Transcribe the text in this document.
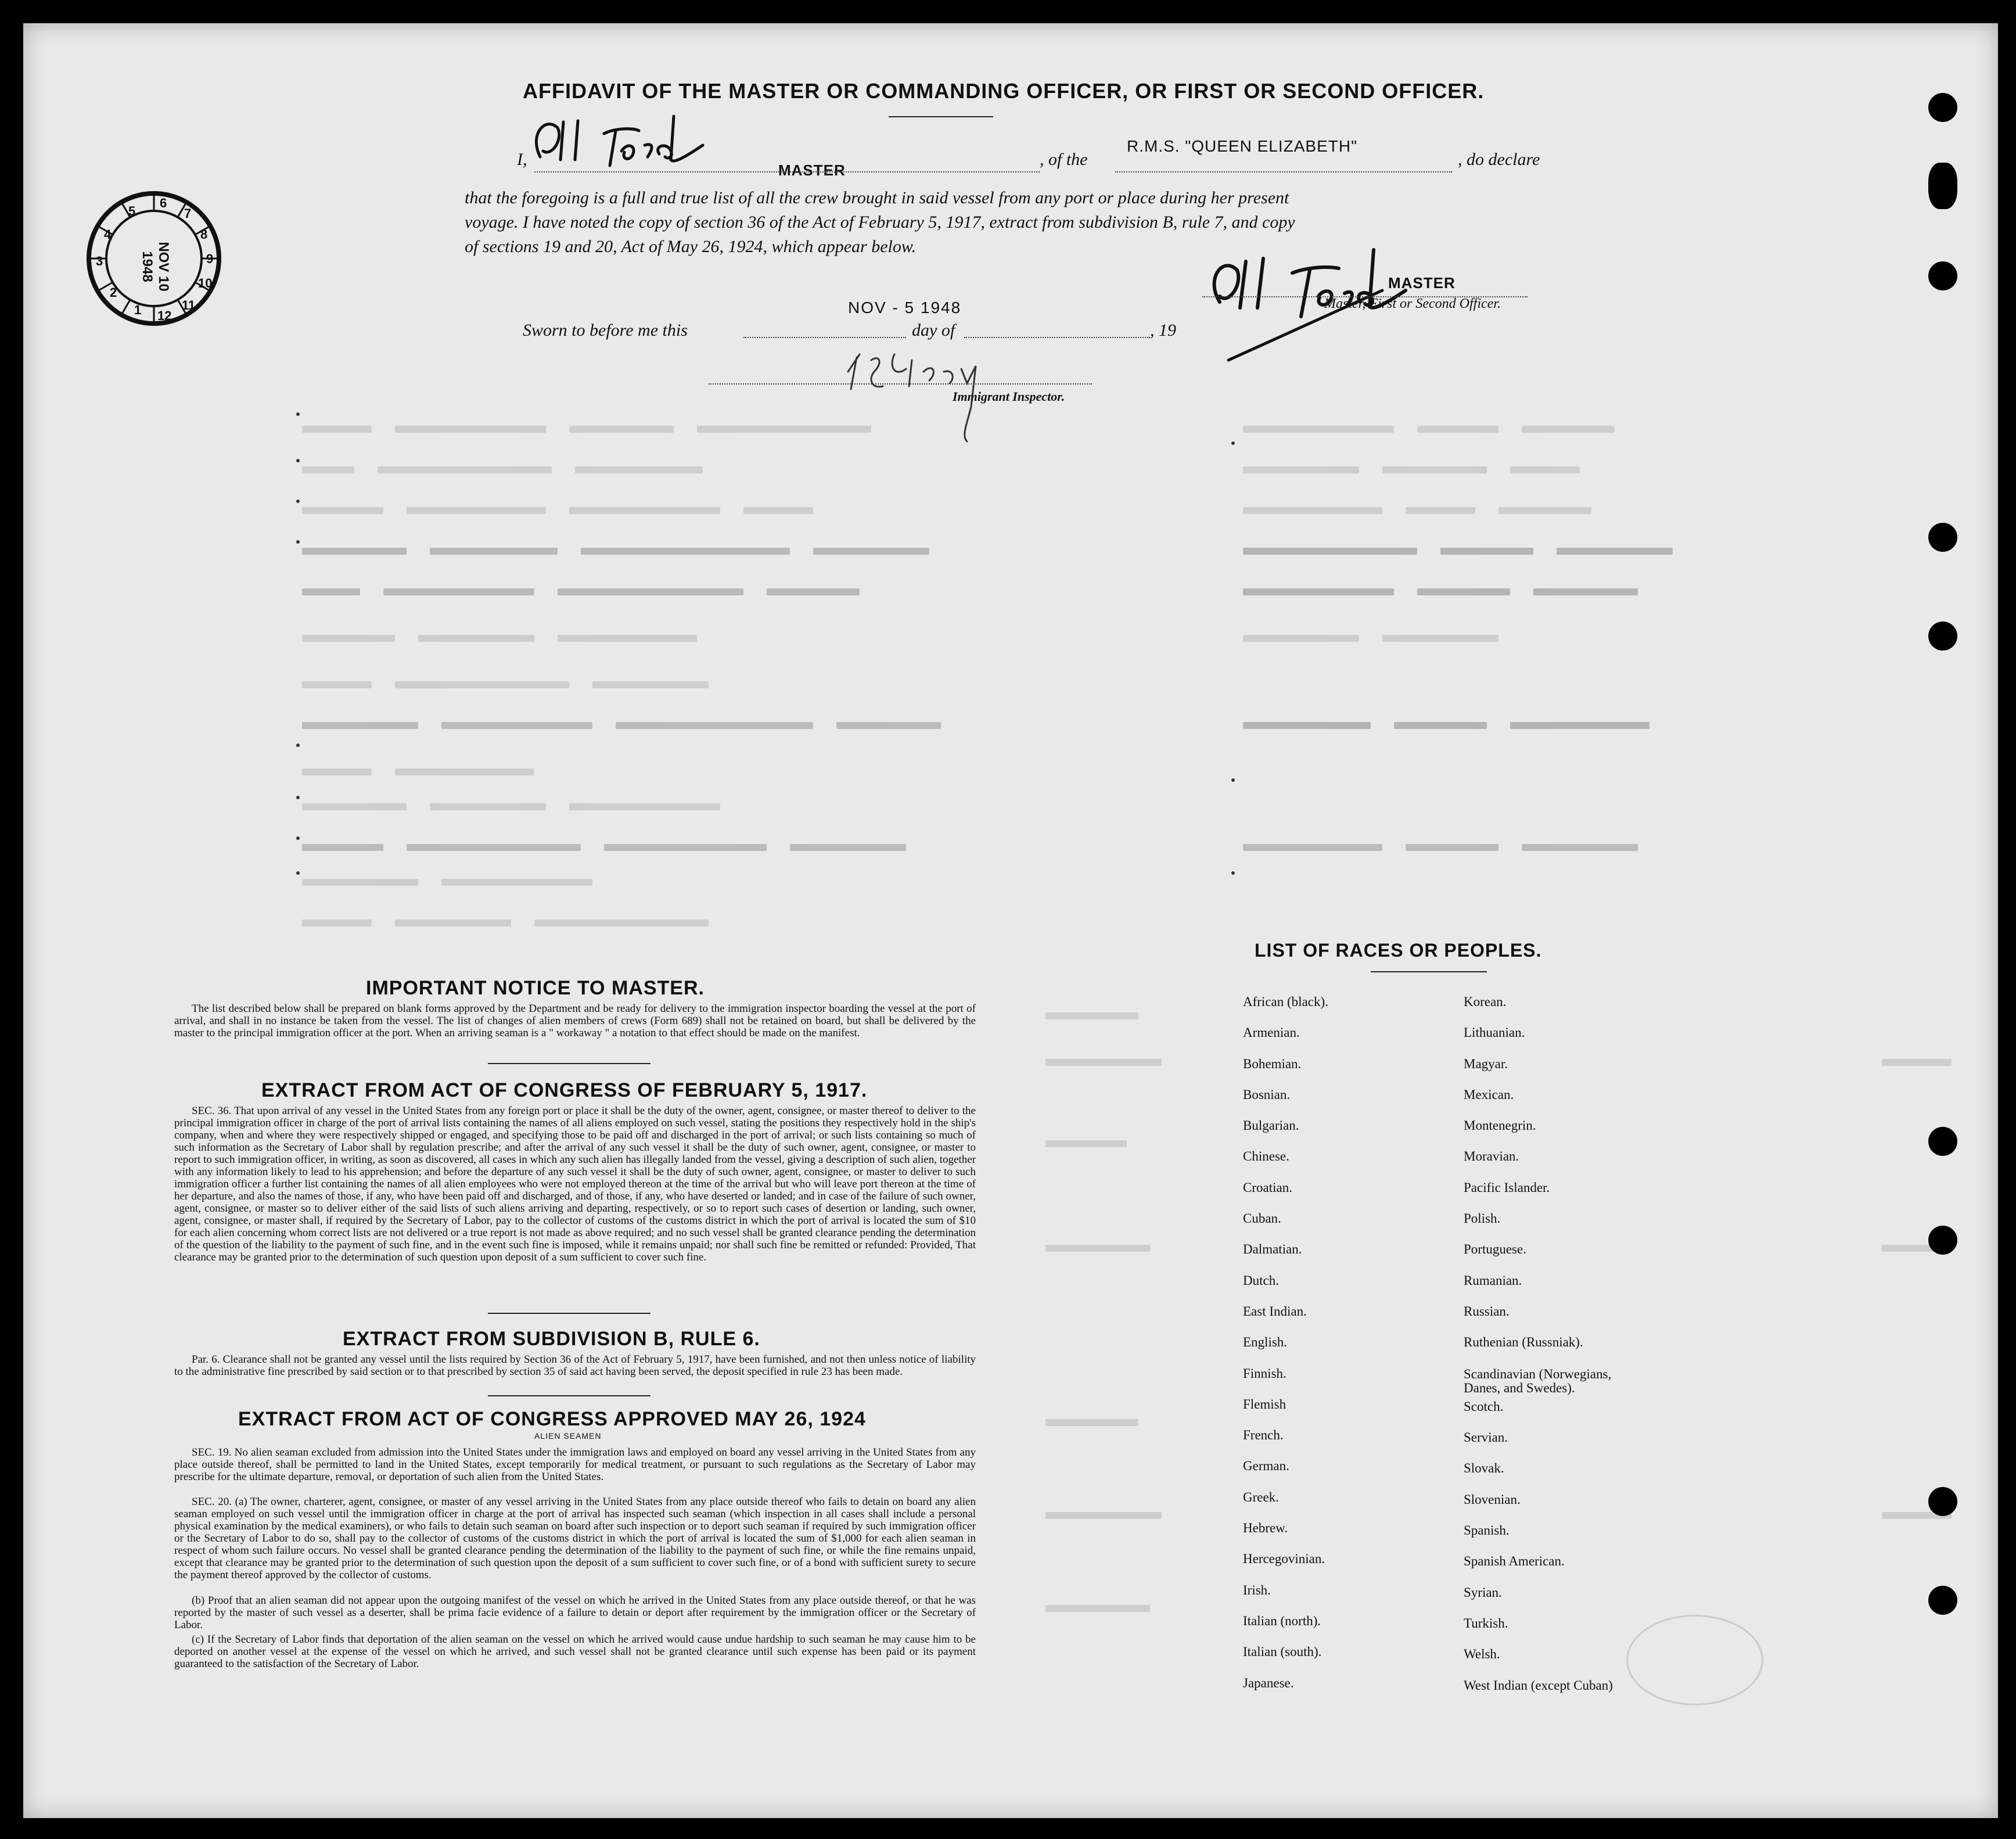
6
7
8
9
10
11
12
1
2
3
4
5
NOV 10 1948
AFFIDAVIT OF THE MASTER OR COMMANDING OFFICER, OR FIRST OR SECOND OFFICER.
I,
MASTER
, of the
R.M.S. "QUEEN ELIZABETH"
, do declare
that the foregoing is a full and true list of all the crew brought in said vessel from any port or place during her present
voyage. I have noted the copy of section 36 of the Act of February 5, 1917, extract from subdivision B, rule 7, and copy
of sections 19 and 20, Act of May 26, 1924, which appear below.
MASTER
Master, First or Second Officer.
NOV - 5 1948
Sworn to before me this	day of	, 19
Immigrant Inspector.
IMPORTANT NOTICE TO MASTER.
The list described below shall be prepared on blank forms approved by the Department and be ready for delivery to the immigration inspector boarding the vessel at the port of arrival, and shall in no instance be taken from the vessel. The list of changes of alien members of crews (Form 689) shall not be retained on board, but shall be delivered by the master to the principal immigration officer at the port. When an arriving seaman is a " workaway " a notation to that effect should be made on the manifest.
EXTRACT FROM ACT OF CONGRESS OF FEBRUARY 5, 1917.
SEC. 36. That upon arrival of any vessel in the United States from any foreign port or place it shall be the duty of the owner, agent, consignee, or master thereof to deliver to the principal immigration officer in charge of the port of arrival lists containing the names of all aliens employed on such vessel, stating the positions they respectively hold in the ship's company, when and where they were respectively shipped or engaged, and specifying those to be paid off and discharged in the port of arrival; or such lists containing so much of such information as the Secretary of Labor shall by regulation prescribe; and after the arrival of any such vessel it shall be the duty of such owner, agent, consignee, or master to report to such immigration officer, in writing, as soon as discovered, all cases in which any such alien has illegally landed from the vessel, giving a description of such alien, together with any information likely to lead to his apprehension; and before the departure of any such vessel it shall be the duty of such owner, agent, consignee, or master to deliver to such immigration officer a further list containing the names of all alien employees who were not employed thereon at the time of the arrival but who will leave port thereon at the time of her departure, and also the names of those, if any, who have been paid off and discharged, and of those, if any, who have deserted or landed; and in case of the failure of such owner, agent, consignee, or master so to deliver either of the said lists of such aliens arriving and departing, respectively, or so to report such cases of desertion or landing, such owner, agent, consignee, or master shall, if required by the Secretary of Labor, pay to the collector of customs of the customs district in which the port of arrival is located the sum of $10 for each alien concerning whom correct lists are not delivered or a true report is not made as above required; and no such vessel shall be granted clearance pending the determination of the question of the liability to the payment of such fine, and in the event such fine is imposed, while it remains unpaid; nor shall such fine be remitted or refunded: Provided, That clearance may be granted prior to the determination of such question upon deposit of a sum sufficient to cover such fine.
EXTRACT FROM SUBDIVISION B, RULE 6.
Par. 6. Clearance shall not be granted any vessel until the lists required by Section 36 of the Act of February 5, 1917, have been furnished, and not then unless notice of liability to the administrative fine prescribed by said section or to that prescribed by section 35 of said act having been served, the deposit specified in rule 23 has been made.
EXTRACT FROM ACT OF CONGRESS APPROVED MAY 26, 1924
ALIEN SEAMEN
SEC. 19. No alien seaman excluded from admission into the United States under the immigration laws and employed on board any vessel arriving in the United States from any place outside thereof, shall be permitted to land in the United States, except temporarily for medical treatment, or pursuant to such regulations as the Secretary of Labor may prescribe for the ultimate departure, removal, or deportation of such alien from the United States.
SEC. 20. (a) The owner, charterer, agent, consignee, or master of any vessel arriving in the United States from any place outside thereof who fails to detain on board any alien seaman employed on such vessel until the immigration officer in charge at the port of arrival has inspected such seaman (which inspection in all cases shall include a personal physical examination by the medical examiners), or who fails to detain such seaman on board after such inspection or to deport such seaman if required by such immigration officer or the Secretary of Labor to do so, shall pay to the collector of customs of the customs district in which the port of arrival is located the sum of $1,000 for each alien seaman in respect of whom such failure occurs. No vessel shall be granted clearance pending the determination of the liability to the payment of such fine, or while the fine remains unpaid, except that clearance may be granted prior to the determination of such question upon the deposit of a sum sufficient to cover such fine, or of a bond with sufficient surety to secure the payment thereof approved by the collector of customs.
(b) Proof that an alien seaman did not appear upon the outgoing manifest of the vessel on which he arrived in the United States from any place outside thereof, or that he was reported by the master of such vessel as a deserter, shall be prima facie evidence of a failure to detain or deport after requirement by the immigration officer or the Secretary of Labor.
(c) If the Secretary of Labor finds that deportation of the alien seaman on the vessel on which he arrived would cause undue hardship to such seaman he may cause him to be deported on another vessel at the expense of the vessel on which he arrived, and such vessel shall not be granted clearance until such expense has been paid or its payment guaranteed to the satisfaction of the Secretary of Labor.
LIST OF RACES OR PEOPLES.
African (black).
Armenian.
Bohemian.
Bosnian.
Bulgarian.
Chinese.
Croatian.
Cuban.
Dalmatian.
Dutch.
East Indian.
English.
Finnish.
Flemish
French.
German.
Greek.
Hebrew.
Hercegovinian.
Irish.
Italian (north).
Italian (south).
Japanese.
Korean.
Lithuanian.
Magyar.
Mexican.
Montenegrin.
Moravian.
Pacific Islander.
Polish.
Portuguese.
Rumanian.
Russian.
Ruthenian (Russniak).
Scandinavian (Norwegians, Danes, and Swedes).
Scotch.
Servian.
Slovak.
Slovenian.
Spanish.
Spanish American.
Syrian.
Turkish.
Welsh.
West Indian (except Cuban)
